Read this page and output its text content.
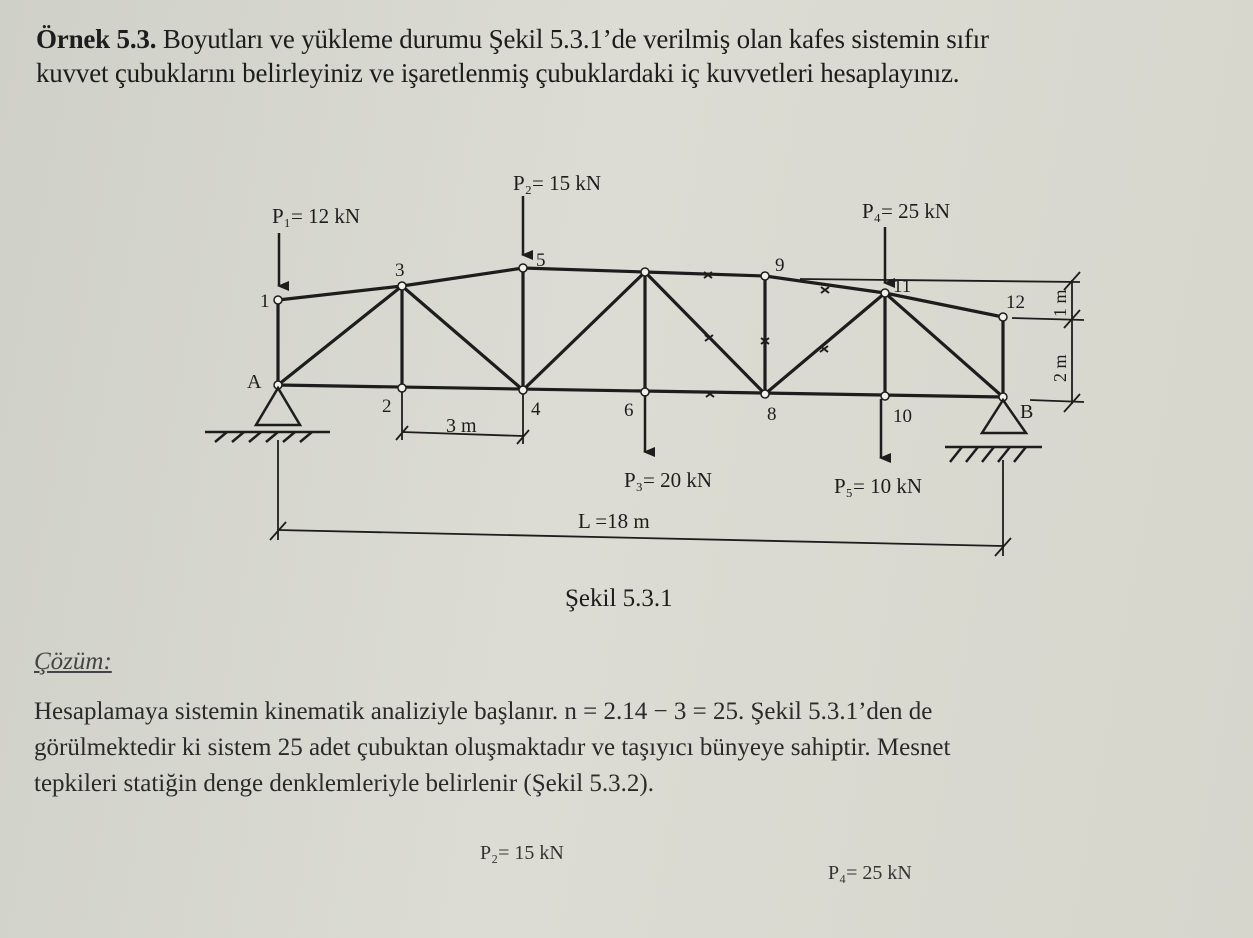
Örnek 5.3. Boyutları ve yükleme durumu Şekil 5.3.1’de verilmiş olan kafes sistemin sıfır
kuvvet çubuklarını belirleyiniz ve işaretlenmiş çubuklardaki iç kuvvetleri hesaplayınız.
P₁= 12 kN
P₂= 15 kN
P₃= 20 kN
P₄= 25 kN
P₅= 10 kN
1
2
3
4
5
6	8
9
10
11
12
A
B
3 m
L =18 m
1 m
2 m
Şekil 5.3.1
Çözüm:
Hesaplamaya sistemin kinematik analiziyle başlanır. n = 2.14 − 3 = 25. Şekil 5.3.1’den de
görülmektedir ki sistem 25 adet çubuktan oluşmaktadır ve taşıyıcı bünyeye sahiptir. Mesnet
tepkileri statiğin denge denklemleriyle belirlenir (Şekil 5.3.2).
P₂= 15 kN
P₄= 25 kN
